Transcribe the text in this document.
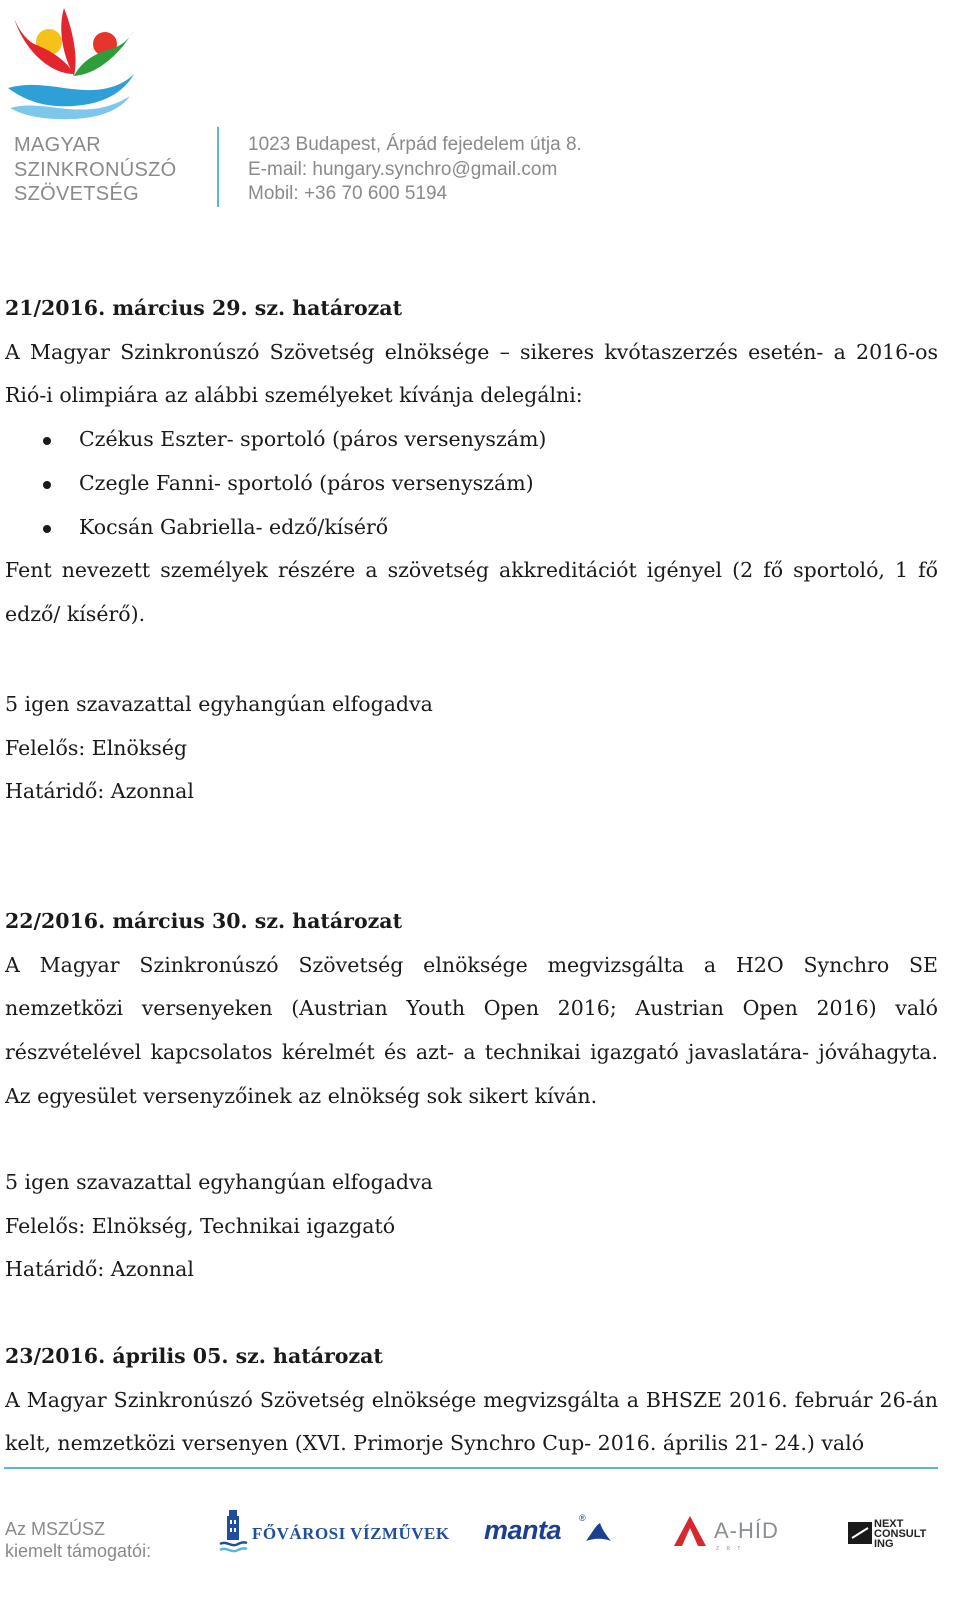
MAGYAR
SZINKRONÚSZÓ
SZÖVETSÉG
1023 Budapest, Árpád fejedelem útja 8.
E-mail: hungary.synchro@gmail.com
Mobil: +36 70 600 5194

21/2016. március 29. sz. határozat

A Magyar Szinkronúszó Szövetség elnöksége – sikeres kvótaszerzés esetén- a 2016-os Rió-i olimpiára az alábbi személyeket kívánja delegálni:

Czékus Eszter- sportoló (páros versenyszám)
Czegle Fanni- sportoló (páros versenyszám)
Kocsán Gabriella- edző/kísérő

Fent nevezett személyek részére a szövetség akkreditációt igényel (2 fő sportoló, 1 fő edző/ kísérő).

5 igen szavazattal egyhangúan elfogadva

Felelős: Elnökség

Határidő: Azonnal

22/2016. március 30. sz. határozat

A Magyar Szinkronúszó Szövetség elnöksége megvizsgálta a H2O Synchro SE nemzetközi versenyeken (Austrian Youth Open 2016; Austrian Open 2016) való részvételével kapcsolatos kérelmét és azt- a technikai igazgató javaslatára- jóváhagyta. Az egyesület versenyzőinek az elnökség sok sikert kíván.

5 igen szavazattal egyhangúan elfogadva

Felelős: Elnökség, Technikai igazgató

Határidő: Azonnal

23/2016. április 05. sz. határozat

A Magyar Szinkronúszó Szövetség elnöksége megvizsgálta a BHSZE 2016. február 26-án kelt, nemzetközi versenyen (XVI. Primorje Synchro Cup- 2016. április 21- 24.) való

Az MSZÚSZ
kiemelt támogatói:
FŐVÁROSI VÍZMŰVEK manta ®	A-HÍD
Z R T
NEXT
CONSULT
ING
